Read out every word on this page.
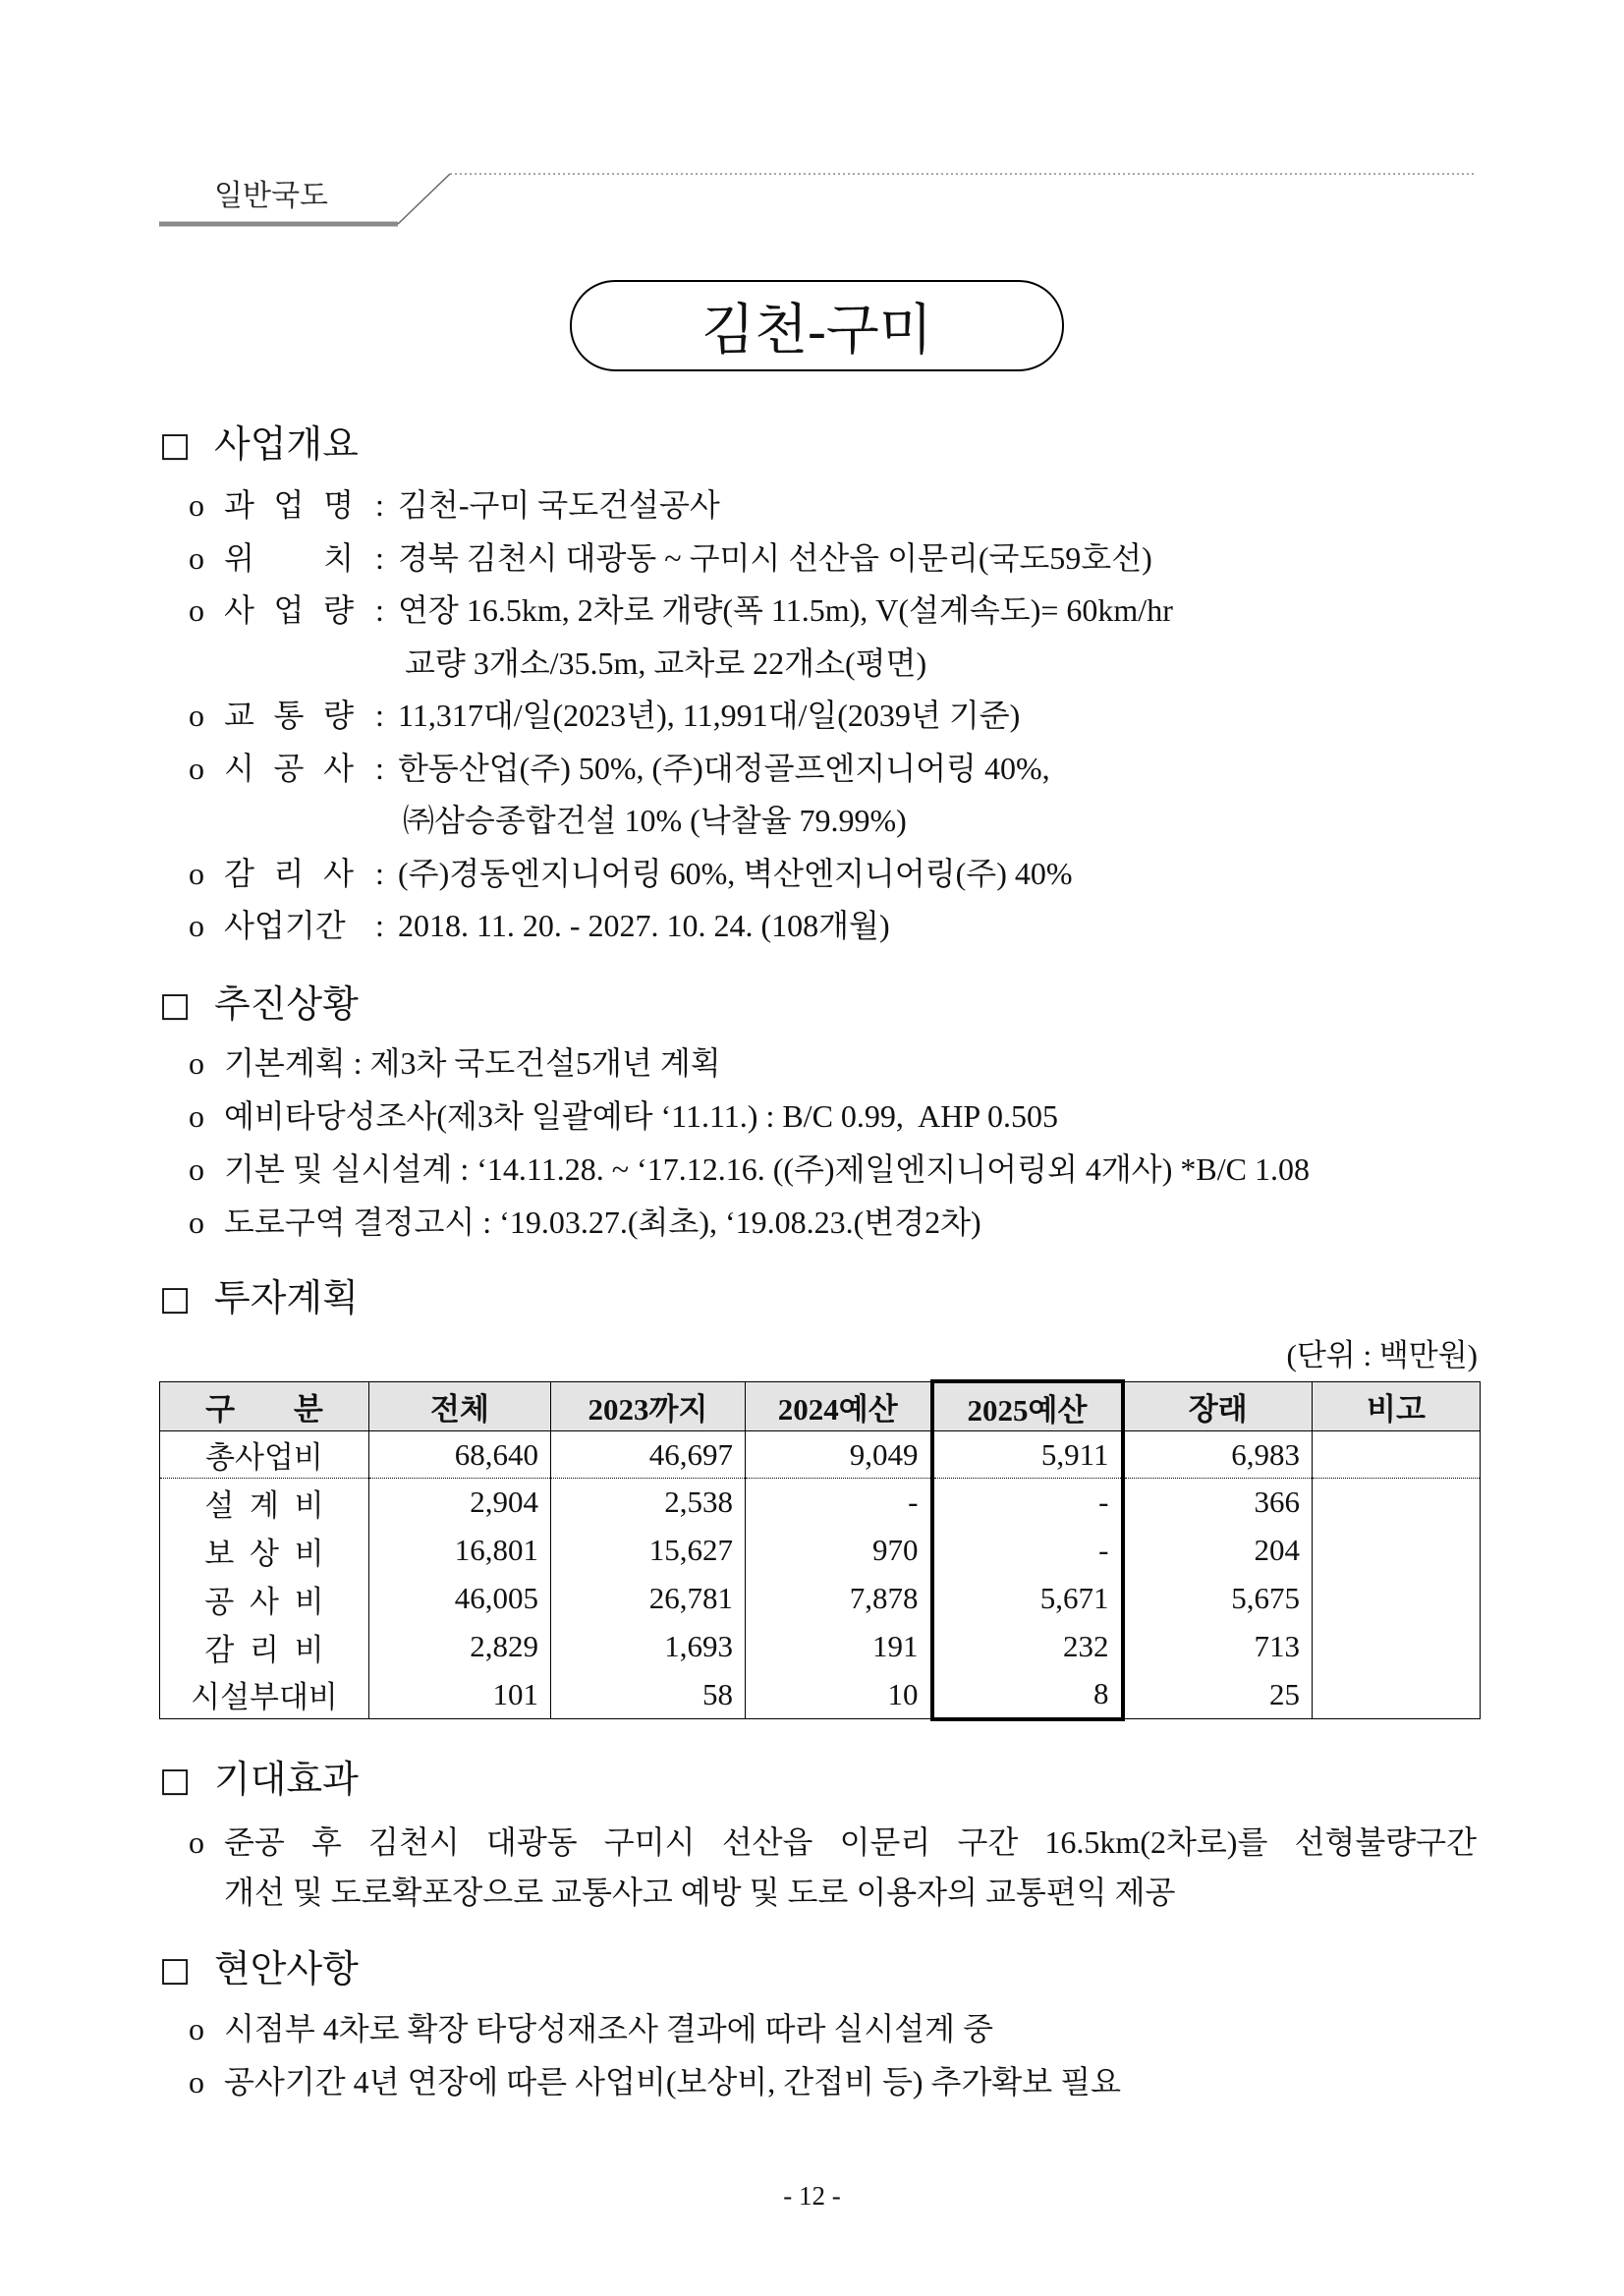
일반국도
김천-구미
□ 사업개요
o 과 업 명 : 김천-구미 국도건설공사
o 위 치 : 경북 김천시 대광동 ~ 구미시 선산읍 이문리(국도59호선)
o 사 업 량 : 연장 16.5km, 2차로 개량(폭 11.5m), V(설계속도)= 60km/hr
교량 3개소/35.5m, 교차로 22개소(평면)
o 교 통 량 : 11,317대/일(2023년), 11,991대/일(2039년 기준)
o 시 공 사 : 한동산업(주) 50%, (주)대정골프엔지니어링 40%,
㈜삼승종합건설 10% (낙찰율 79.99%)
o 감 리 사 : (주)경동엔지니어링 60%, 벽산엔지니어링(주) 40%
o 사업기간 : 2018. 11. 20. - 2027. 10. 24. (108개월)
□ 추진상황
o 기본계획 : 제3차 국도건설5개년 계획
o 예비타당성조사(제3차 일괄예타 ‘11.11.) : B/C 0.99,  AHP 0.505
o 기본 및 실시설계 : ‘14.11.28. ~ ‘17.12.16. ((주)제일엔지니어링외 4개사) *B/C 1.08
o 도로구역 결정고시 : ‘19.03.27.(최초), ‘19.08.23.(변경2차)
□ 투자계획
(단위 : 백만원)
구 분	전체	2023까지	2024예산	2025예산	장래	비고
총사업비	68,640	46,697	9,049	5,911	6,983	
설 계 비	2,904	2,538	-	-	366	
보 상 비	16,801	15,627	970	-	204	
공 사 비	46,005	26,781	7,878	5,671	5,675	
감 리 비	2,829	1,693	191	232	713	
시설부대비	101	58	10	8	25	
□ 기대효과
o 준공 후 김천시 대광동 구미시 선산읍 이문리 구간 16.5km(2차로)를 선형불량구간
개선 및 도로확포장으로 교통사고 예방 및 도로 이용자의 교통편익 제공
□ 현안사항
o 시점부 4차로 확장 타당성재조사 결과에 따라 실시설계 중
o 공사기간 4년 연장에 따른 사업비(보상비, 간접비 등) 추가확보 필요
- 12 -
